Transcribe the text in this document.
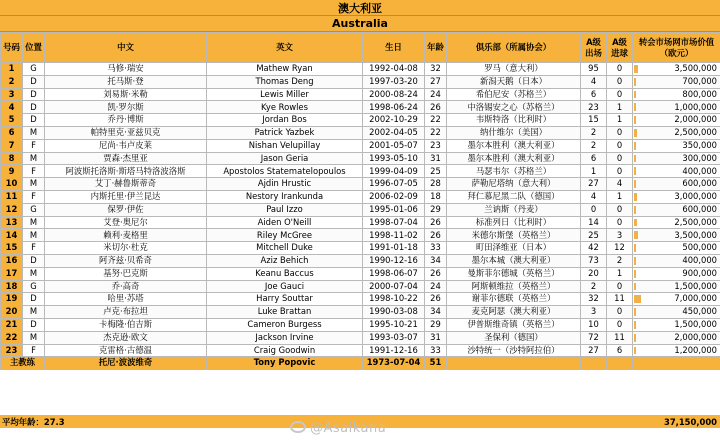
澳大利亚
Australia
号码	位置	中文	英文	生日	年龄	俱乐部（所属协会）	A级出场	A级进球	转会市场网市场价值（欧元）
1	G	马修·瑞安	Mathew Ryan	1992-04-08	32	罗马（意大利）	95	0	3,500,000
2	D	托马斯·登	Thomas Deng	1997-03-20	27	新潟天鹅（日本）	4	0	700,000
3	D	刘易斯·米勒	Lewis Miller	2000-08-24	24	希伯尼安（苏格兰）	6	0	800,000
4	D	凯·罗尔斯	Kye Rowles	1998-06-24	26	中洛锡安之心（苏格兰）	23	1	1,000,000
5	D	乔丹·博斯	Jordan Bos	2002-10-29	22	韦斯特洛（比利时）	15	1	2,000,000
6	M	帕特里克·亚兹贝克	Patrick Yazbek	2002-04-05	22	纳什维尔（美国）	2	0	2,500,000
7	F	尼尚·韦卢皮莱	Nishan Velupillay	2001-05-07	23	墨尔本胜利（澳大利亚）	2	0	350,000
8	M	贾森·杰里亚	Jason Geria	1993-05-10	31	墨尔本胜利（澳大利亚）	6	0	300,000
9	F	阿波斯托洛斯·斯塔马特洛波洛斯	Apostolos Statematelopoulos	1999-04-09	25	马瑟韦尔（苏格兰）	1	0	400,000
10	M	艾丁·赫鲁斯蒂奇	Ajdin Hrustic	1996-07-05	28	萨勒尼塔纳（意大利）	27	4	600,000
11	F	内斯托里·伊兰昆达	Nestory Irankunda	2006-02-09	18	拜仁慕尼黑二队（德国）	4	1	3,000,000
12	G	保罗·伊佐	Paul Izzo	1995-01-06	29	兰讷斯（丹麦）	0	0	600,000
13	M	艾登·奥尼尔	Aiden O'Neill	1998-07-04	26	标准列日（比利时）	14	0	2,500,000
14	M	赖利·麦格里	Riley McGree	1998-11-02	26	米德尔斯堡（英格兰）	25	3	3,500,000
15	F	米切尔·杜克	Mitchell Duke	1991-01-18	33	町田泽维亚（日本）	42	12	500,000
16	D	阿齐兹·贝希奇	Aziz Behich	1990-12-16	34	墨尔本城（澳大利亚）	73	2	400,000
17	M	基努·巴克斯	Keanu Baccus	1998-06-07	26	曼斯菲尔德城（英格兰）	20	1	900,000
18	G	乔·高奇	Joe Gauci	2000-07-04	24	阿斯顿维拉（英格兰）	2	0	1,500,000
19	D	哈里·苏塔	Harry Souttar	1998-10-22	26	谢菲尔德联（英格兰）	32	11	7,000,000
20	M	卢克·布拉坦	Luke Brattan	1990-03-08	34	麦克阿瑟（澳大利亚）	3	0	450,000
21	D	卡梅隆·伯吉斯	Cameron Burgess	1995-10-21	29	伊普斯维奇镇（英格兰）	10	0	1,500,000
22	M	杰克逊·欧文	Jackson Irvine	1993-03-07	31	圣保利（德国）	72	11	2,000,000
23	F	克雷格·古德温	Craig Goodwin	1991-12-16	33	沙特统一（沙特阿拉伯）	27	6	1,200,000
主教练		托尼·波波维奇	Tony Popovic	1973-07-04	51				
平均年龄：27.3	37,150,000
@Asaikana
